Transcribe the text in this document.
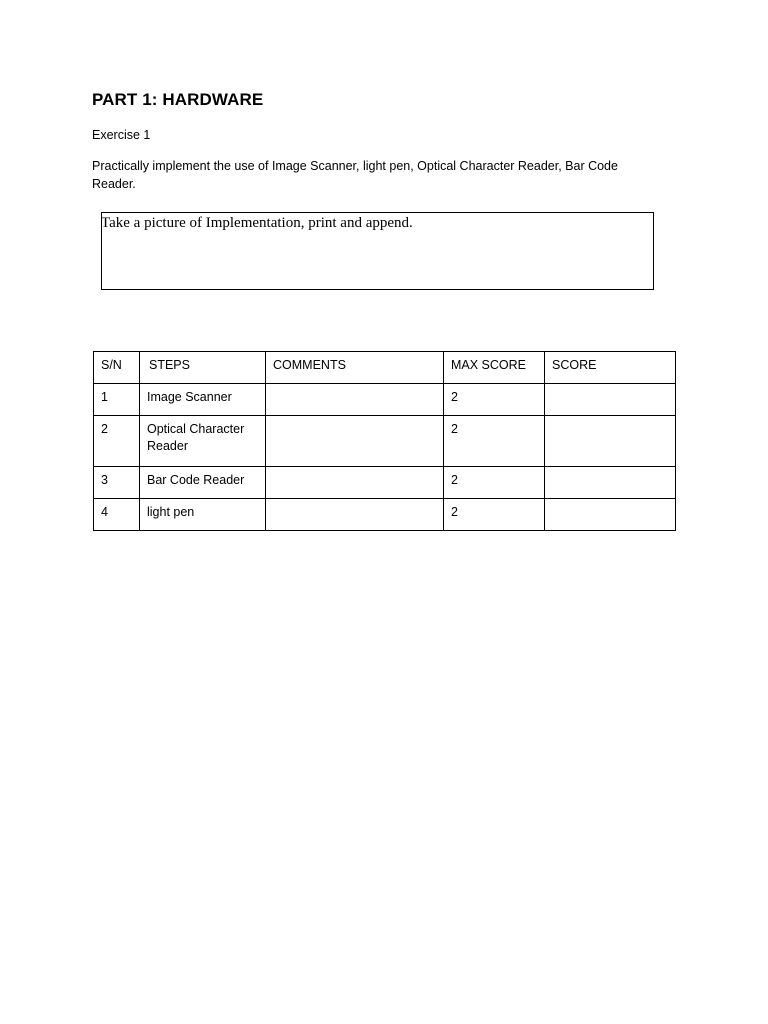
PART 1: HARDWARE

Exercise 1

Practically implement the use of Image Scanner, light pen, Optical Character Reader, Bar Code Reader.

Take a picture of Implementation, print and append.
S/N	STEPS	COMMENTS	MAX SCORE	SCORE
1	Image Scanner		2	
2	Optical Character Reader		2	
3	Bar Code Reader		2	
4	light pen		2	
